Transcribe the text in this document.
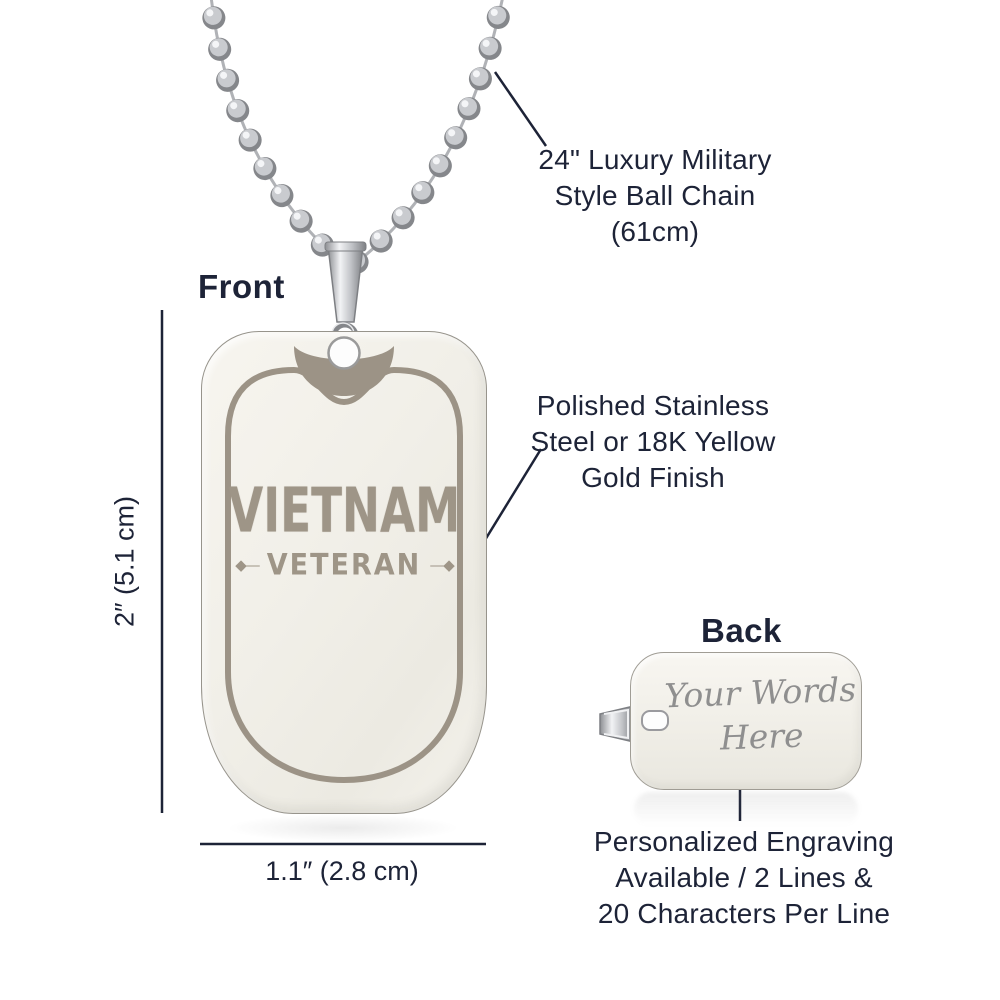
VIETNAM
◆— VETERAN —◆
Your Words
Here
Front
Back
24" Luxury Military
Style Ball Chain
(61cm)
Polished Stainless
Steel or 18K Yellow
Gold Finish
Personalized Engraving
Available / 2 Lines &
20 Characters Per Line
2″ (5.1 cm)
1.1″ (2.8 cm)
